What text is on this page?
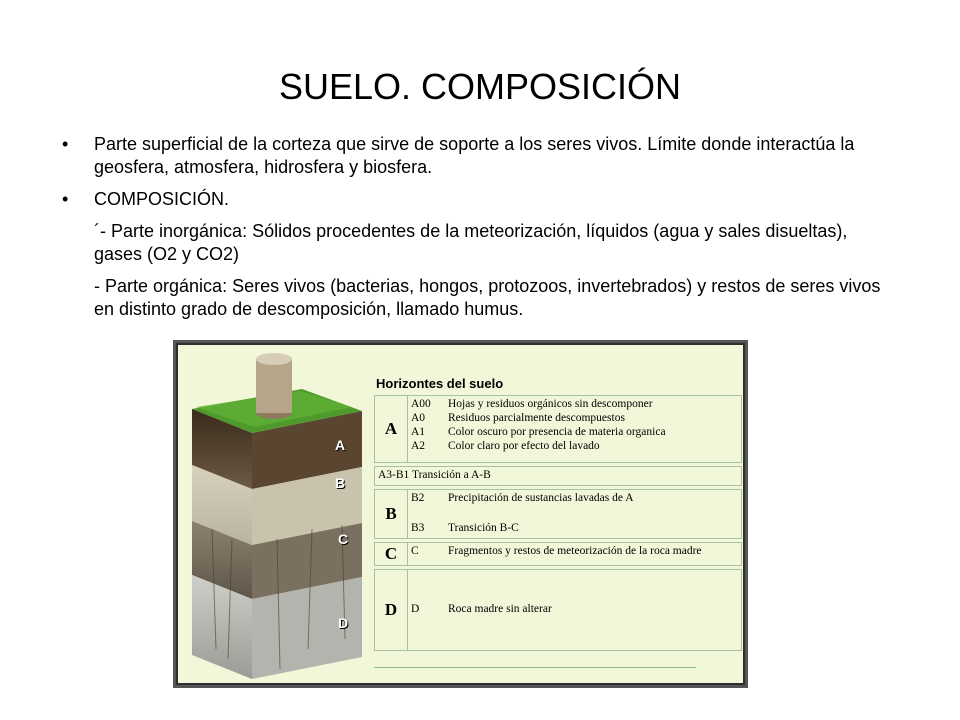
SUELO. COMPOSICIÓN
• Parte superficial de la corteza que sirve de soporte a los seres vivos. Límite donde interactúa la geosfera, atmosfera, hidrosfera y biosfera.
• COMPOSICIÓN.
´- Parte inorgánica: Sólidos procedentes de la meteorización, líquidos (agua y sales disueltas), gases (O2 y CO2)
- Parte orgánica: Seres vivos (bacterias, hongos, protozoos, invertebrados) y restos de seres vivos en distinto grado de descomposición, llamado humus.
A
B
C
D
Horizontes del suelo
A
A00 Hojas y residuos orgánicos sin descomponer
A0 Residuos parcialmente descompuestos
A1 Color oscuro por presencia de materia organica
A2 Color claro por efecto del lavado
A3-B1 Transición a A-B
B
B2 Precipitación de sustancias lavadas de A
B3 Transición B-C
C	C	Fragmentos y restos de meteorización de la roca madre
D	D Roca madre sin alterar
